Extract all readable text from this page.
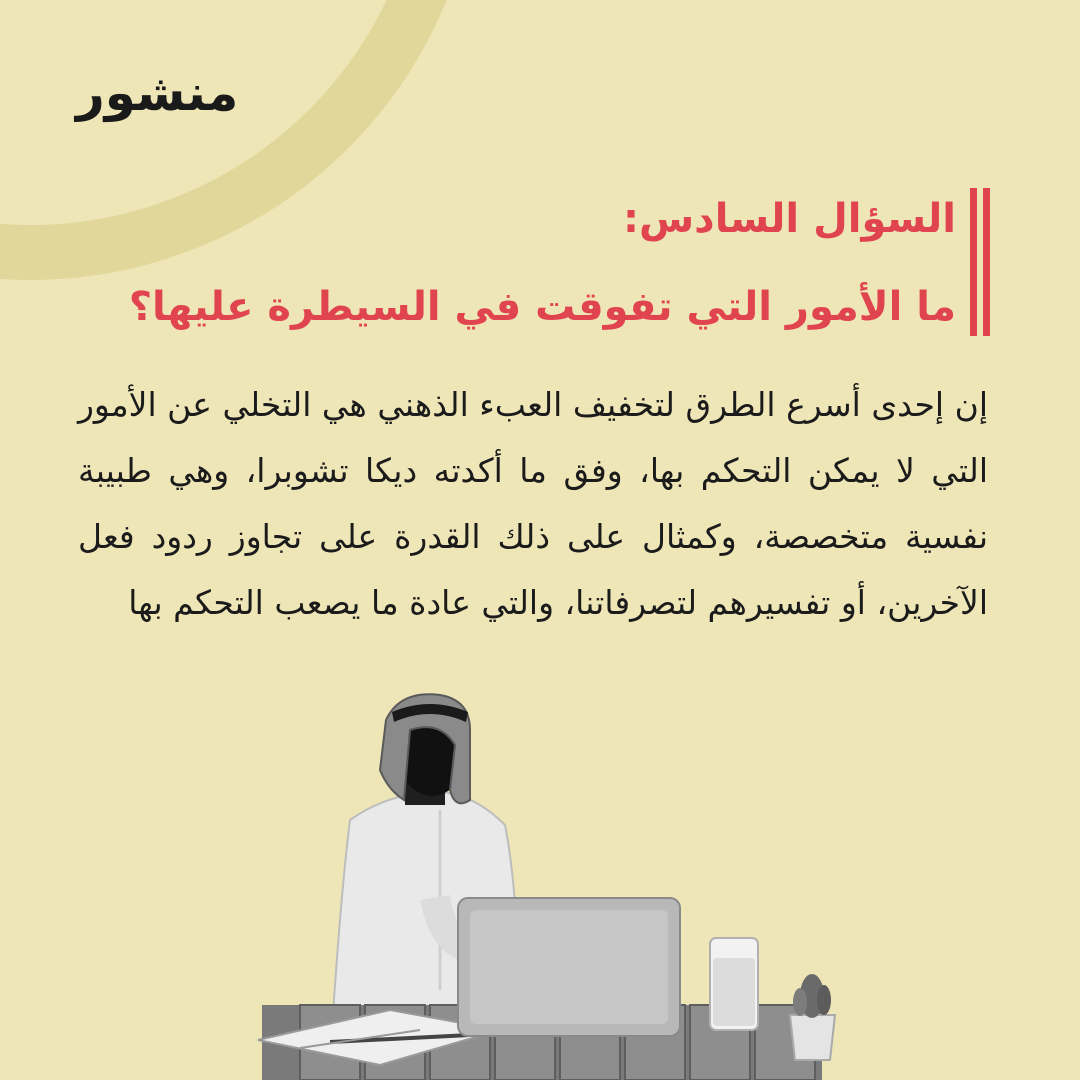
منشور
السؤال السادس:
ما الأمور التي تفوقت في السيطرة عليها؟
إن إحدى أسرع الطرق لتخفيف العبء الذهني هي التخلي عن الأمور التي لا يمكن التحكم بها، وفق ما أكدته ديكا تشوبرا، وهي طبيبة نفسية متخصصة، وكمثال على ذلك القدرة على تجاوز ردود فعل الآخرين، أو تفسيرهم لتصرفاتنا، والتي عادة ما يصعب التحكم بها
